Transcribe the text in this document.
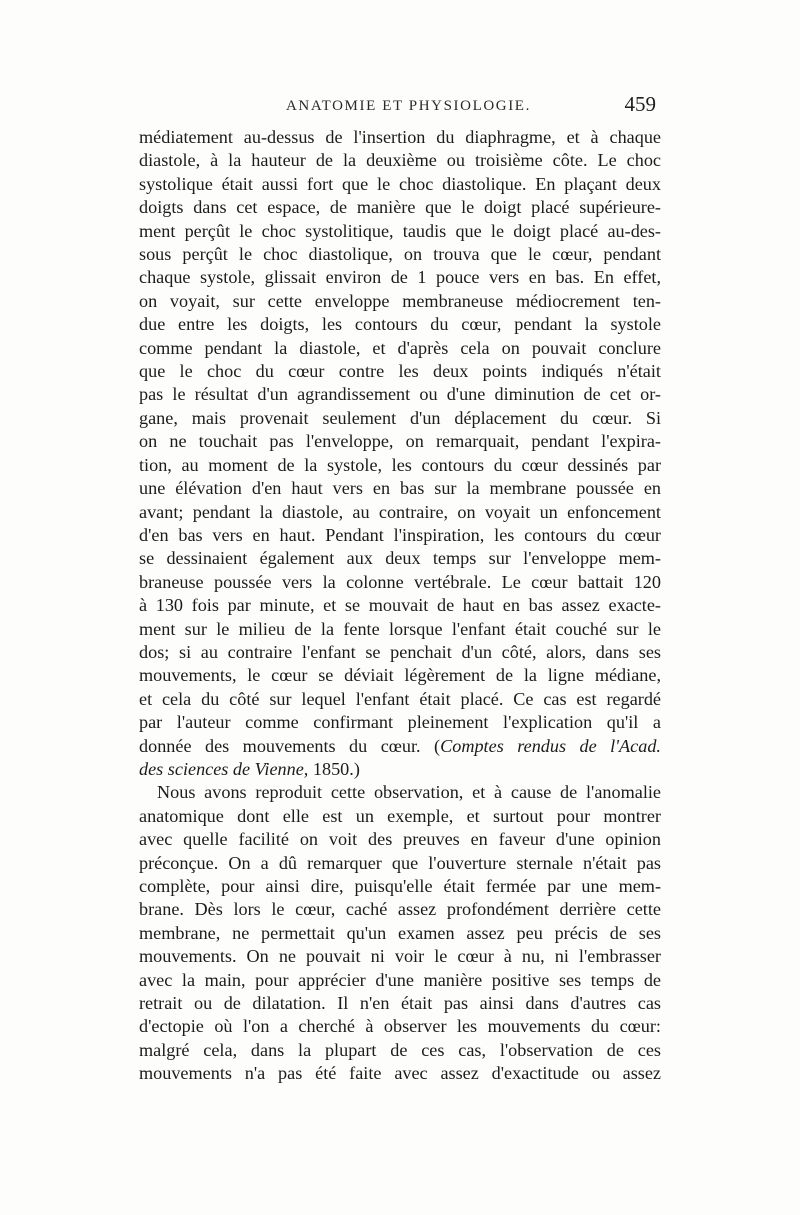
ANATOMIE ET PHYSIOLOGIE.	459
médiatement au-dessus de l'insertion du diaphragme, et à chaque
diastole, à la hauteur de la deuxième ou troisième côte. Le choc
systolique était aussi fort que le choc diastolique. En plaçant deux
doigts dans cet espace, de manière que le doigt placé supérieure-
ment perçût le choc systolitique, taudis que le doigt placé au-des-
sous perçût le choc diastolique, on trouva que le cœur, pendant
chaque systole, glissait environ de 1 pouce vers en bas. En effet,
on voyait, sur cette enveloppe membraneuse médiocrement ten-
due entre les doigts, les contours du cœur, pendant la systole
comme pendant la diastole, et d'après cela on pouvait conclure
que le choc du cœur contre les deux points indiqués n'était
pas le résultat d'un agrandissement ou d'une diminution de cet or-
gane, mais provenait seulement d'un déplacement du cœur. Si
on ne touchait pas l'enveloppe, on remarquait, pendant l'expira-
tion, au moment de la systole, les contours du cœur dessinés par
une élévation d'en haut vers en bas sur la membrane poussée en
avant; pendant la diastole, au contraire, on voyait un enfoncement
d'en bas vers en haut. Pendant l'inspiration, les contours du cœur
se dessinaient également aux deux temps sur l'enveloppe mem-
braneuse poussée vers la colonne vertébrale. Le cœur battait 120
à 130 fois par minute, et se mouvait de haut en bas assez exacte-
ment sur le milieu de la fente lorsque l'enfant était couché sur le
dos; si au contraire l'enfant se penchait d'un côté, alors, dans ses
mouvements, le cœur se déviait légèrement de la ligne médiane,
et cela du côté sur lequel l'enfant était placé. Ce cas est regardé
par l'auteur comme confirmant pleinement l'explication qu'il a
donnée des mouvements du cœur. (Comptes rendus de l'Acad.
des sciences de Vienne, 1850.)
Nous avons reproduit cette observation, et à cause de l'anomalie
anatomique dont elle est un exemple, et surtout pour montrer
avec quelle facilité on voit des preuves en faveur d'une opinion
préconçue. On a dû remarquer que l'ouverture sternale n'était pas
complète, pour ainsi dire, puisqu'elle était fermée par une mem-
brane. Dès lors le cœur, caché assez profondément derrière cette
membrane, ne permettait qu'un examen assez peu précis de ses
mouvements. On ne pouvait ni voir le cœur à nu, ni l'embrasser
avec la main, pour apprécier d'une manière positive ses temps de
retrait ou de dilatation. Il n'en était pas ainsi dans d'autres cas
d'ectopie où l'on a cherché à observer les mouvements du cœur:
malgré cela, dans la plupart de ces cas, l'observation de ces
mouvements n'a pas été faite avec assez d'exactitude ou assez
